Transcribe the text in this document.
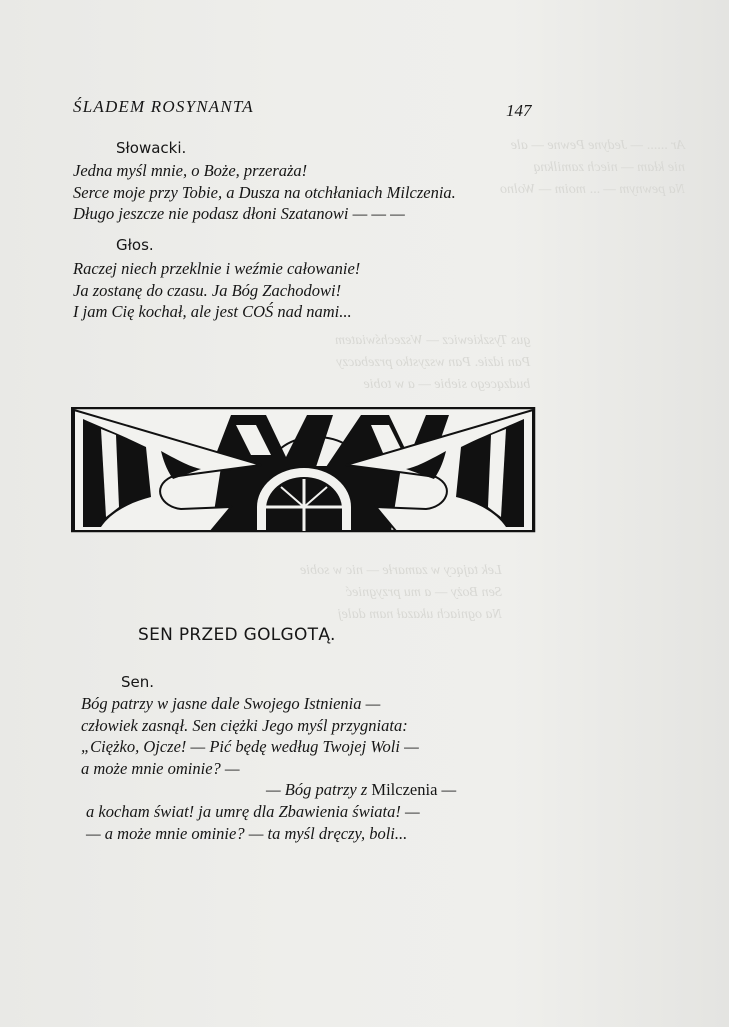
Ar ...... — Jedyne Pewne — ale
nie kłam — niech zamilkną
Na pewnym — ... moim — Wolno
gus Tyszkiewicz — Wszechświatem
Pan idzie. Pan wszystko przebaczy
budzącego siebie — a w tobie
Lek tający w zamarłe — nic w sobie
Sen Boży — a mu przygnieć
Na ogniach ukazał nam dalej
ŚLADEM ROSYNANTA	147
Słowacki.
Jedna myśl mnie, o Boże, przeraża!
Serce moje przy Tobie, a Dusza na otchłaniach Milczenia.
Długo jeszcze nie podasz dłoni Szatanowi — — —
Głos.
Raczej niech przeklnie i weźmie całowanie!
Ja zostanę do czasu. Ja Bóg Zachodowi!
I jam Cię kochał, ale jest COŚ nad nami...
SEN PRZED GOLGOTĄ.
Sen.
Bóg patrzy w jasne dale Swojego Istnienia —
człowiek zasnął. Sen ciężki Jego myśl przygniata:
„Ciężko, Ojcze! — Pić będę według Twojej Woli —
a może mnie ominie? —
— Bóg patrzy z Milczenia —
a kocham świat! ja umrę dla Zbawienia świata! —
— a może mnie ominie? — ta myśl dręczy, boli...
